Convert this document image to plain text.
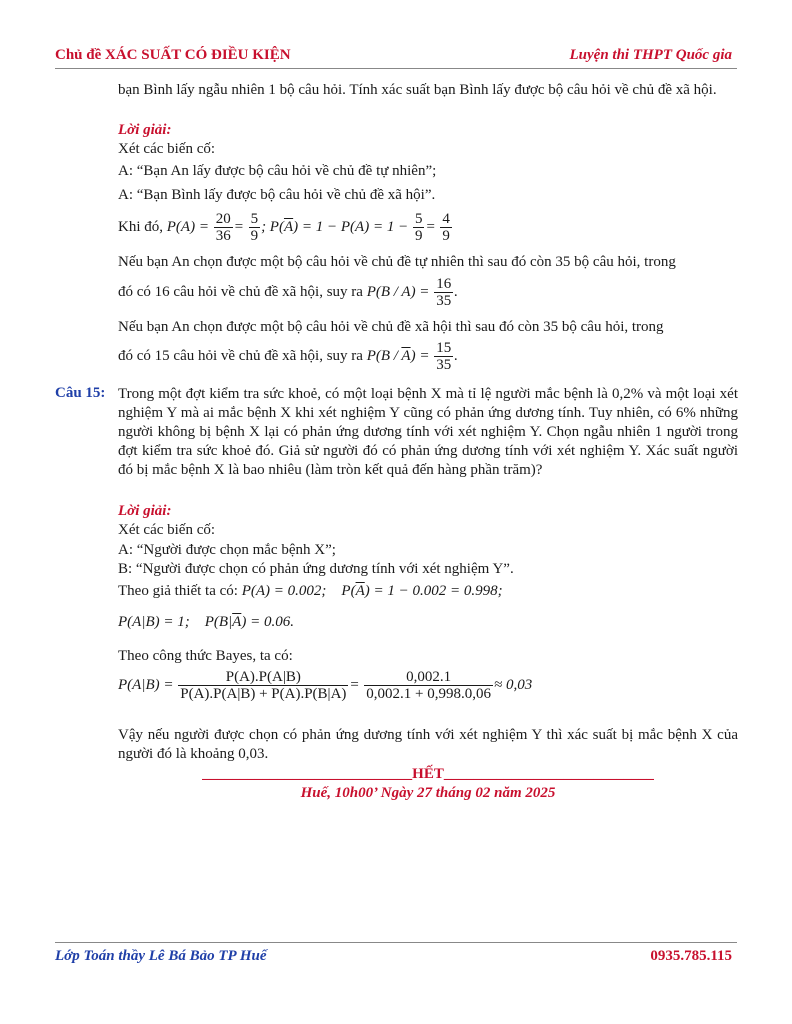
Chủ đề XÁC SUẤT CÓ ĐIỀU KIỆN	Luyện thi THPT Quốc gia
bạn Bình lấy ngẫu nhiên 1 bộ câu hỏi. Tính xác suất bạn Bình lấy được bộ câu hỏi về chủ đề xã hội.
Lời giải:
Xét các biến cố:
A: “Bạn An lấy được bộ câu hỏi về chủ đề tự nhiên”;
A: “Bạn Bình lấy được bộ câu hỏi về chủ đề xã hội”.
Khi đó, $P(A) = \frac{20}{36} = \frac{5}{9}$ ; $P(\overline{A}) = 1 - P(A) = 1 - \frac{5}{9} = \frac{4}{9}$
Nếu bạn An chọn được một bộ câu hỏi về chủ đề tự nhiên thì sau đó còn 35 bộ câu hỏi, trong
đó có 16 câu hỏi về chủ đề xã hội, suy ra $P(B / A) = \frac{16}{35}$ .
Nếu bạn An chọn được một bộ câu hỏi về chủ đề xã hội thì sau đó còn 35 bộ câu hỏi, trong
đó có 15 câu hỏi về chủ đề xã hội, suy ra $P(B / \overline{A}) = \frac{15}{35}$ .
Câu 15: Trong một đợt kiểm tra sức khoẻ, có một loại bệnh X mà tỉ lệ người mắc bệnh là 0,2% và một loại xét nghiệm Y mà ai mắc bệnh X khi xét nghiệm Y cũng có phản ứng dương tính. Tuy nhiên, có 6% những người không bị bệnh X lại có phản ứng dương tính với xét nghiệm Y. Chọn ngẫu nhiên 1 người trong đợt kiểm tra sức khoẻ đó. Giả sử người đó có phản ứng dương tính với xét nghiệm Y. Xác suất người đó bị mắc bệnh X là bao nhiêu (làm tròn kết quả đến hàng phần trăm)?
Lời giải:
Xét các biến cố:
A: “Người được chọn mắc bệnh X”;
B: “Người được chọn có phản ứng dương tính với xét nghiệm Y”.
Theo giả thiết ta có: P(A) = 0.002;    $P(\overline{A}) = 1 - 0.002 = 0.998$;
P(A|B) = 1;    $P(B|\overline{A}) = 0.06$.
Theo công thức Bayes, ta có:
$P(A|B) = \frac{P(A).P(A|B)}{P(A).P(A|B) + P(\overline{A}).P(B|\overline{A})} = \frac{0,002.1}{0,002.1 + 0,998.0,06} \approx 0,03$
Vậy nếu người được chọn có phản ứng dương tính với xét nghiệm Y thì xác suất bị mắc bệnh X của người đó là khoảng 0,03.
____________________________HẾT____________________________
Huế, 10h00’ Ngày 27 tháng 02 năm 2025
Lớp Toán thầy Lê Bá Bảo TP Huế	0935.785.115
